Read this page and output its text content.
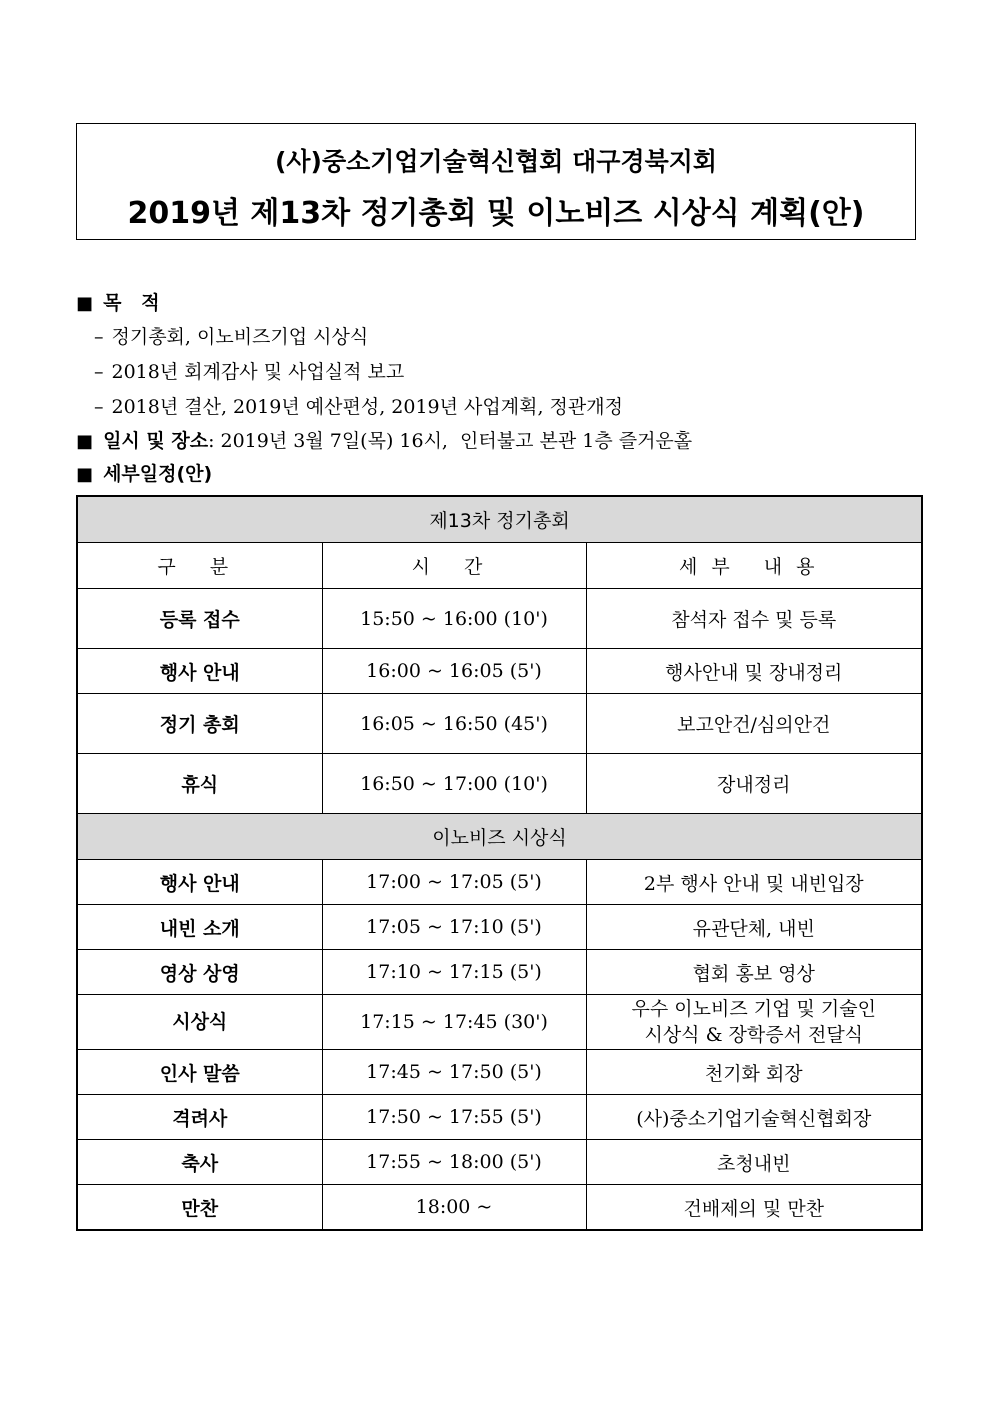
(사)중소기업기술혁신협회 대구경북지회
2019년 제13차 정기총회 및 이노비즈 시상식 계획(안)
■ 목   적
– 정기총회, 이노비즈기업 시상식
– 2018년 회계감사 및 사업실적 보고
– 2018년 결산, 2019년 예산편성, 2019년 사업계획, 정관개정
■ 일시 및 장소: 2019년 3월 7일(목) 16시,  인터불고 본관 1층 즐거운홀
■ 세부일정(안)
제13차 정기총회		
구 분	시 간	세부 내용
등록 접수	15:50 ~ 16:00 (10')	참석자 접수 및 등록
행사 안내	16:00 ~ 16:05 (5')	행사안내 및 장내정리
정기 총회	16:05 ~ 16:50 (45')	보고안건/심의안건
휴식	16:50 ~ 17:00 (10')	장내정리
이노비즈 시상식		
행사 안내	17:00 ~ 17:05 (5')	2부 행사 안내 및 내빈입장
내빈 소개	17:05 ~ 17:10 (5')	유관단체, 내빈
영상 상영	17:10 ~ 17:15 (5')	협회 홍보 영상
시상식	17:15 ~ 17:45 (30')	우수 이노비즈 기업 및 기술인
시상식 & 장학증서 전달식

인사 말씀	17:45 ~ 17:50 (5')	천기화 회장
격려사	17:50 ~ 17:55 (5')	(사)중소기업기술혁신협회장
축사	17:55 ~ 18:00 (5')	초청내빈
만찬	18:00 ~	건배제의 및 만찬
